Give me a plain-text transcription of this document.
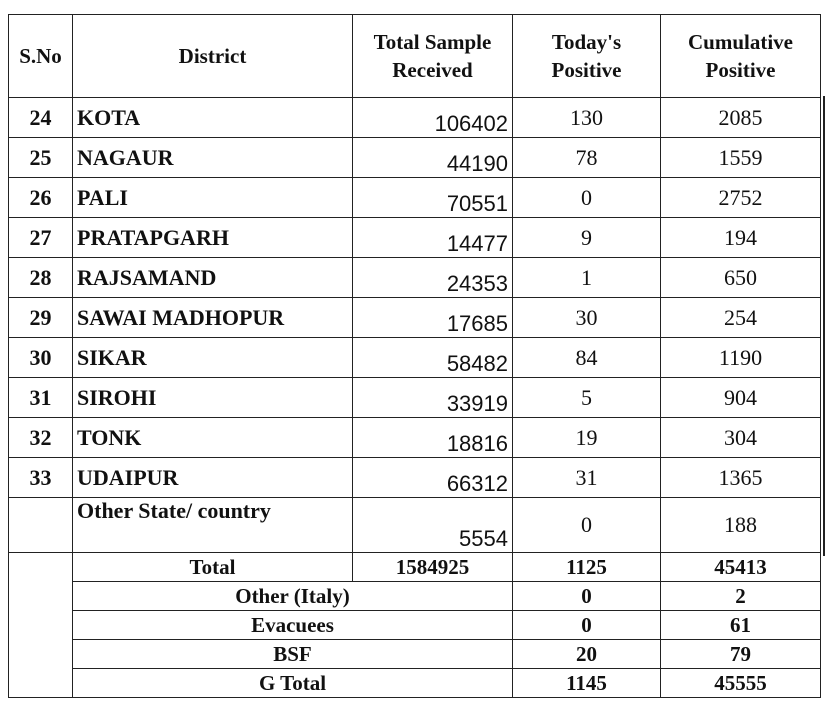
S.No	District	Total Sample Received	Today's Positive	Cumulative Positive
24	KOTA	106402	130	2085
25	NAGAUR	44190	78	1559
26	PALI	70551	0	2752
27	PRATAPGARH	14477	9	194
28	RAJSAMAND	24353	1	650
29	SAWAI MADHOPUR	17685	30	254
30	SIKAR	58482	84	1190
31	SIROHI	33919	5	904
32	TONK	18816	19	304
33	UDAIPUR	66312	31	1365
	Other State/ country	5554	0	188
	Total	1584925	1125	45413
	Other (Italy)		0	2
	Evacuees		0	61
	BSF		20	79
	G Total		1145	45555
